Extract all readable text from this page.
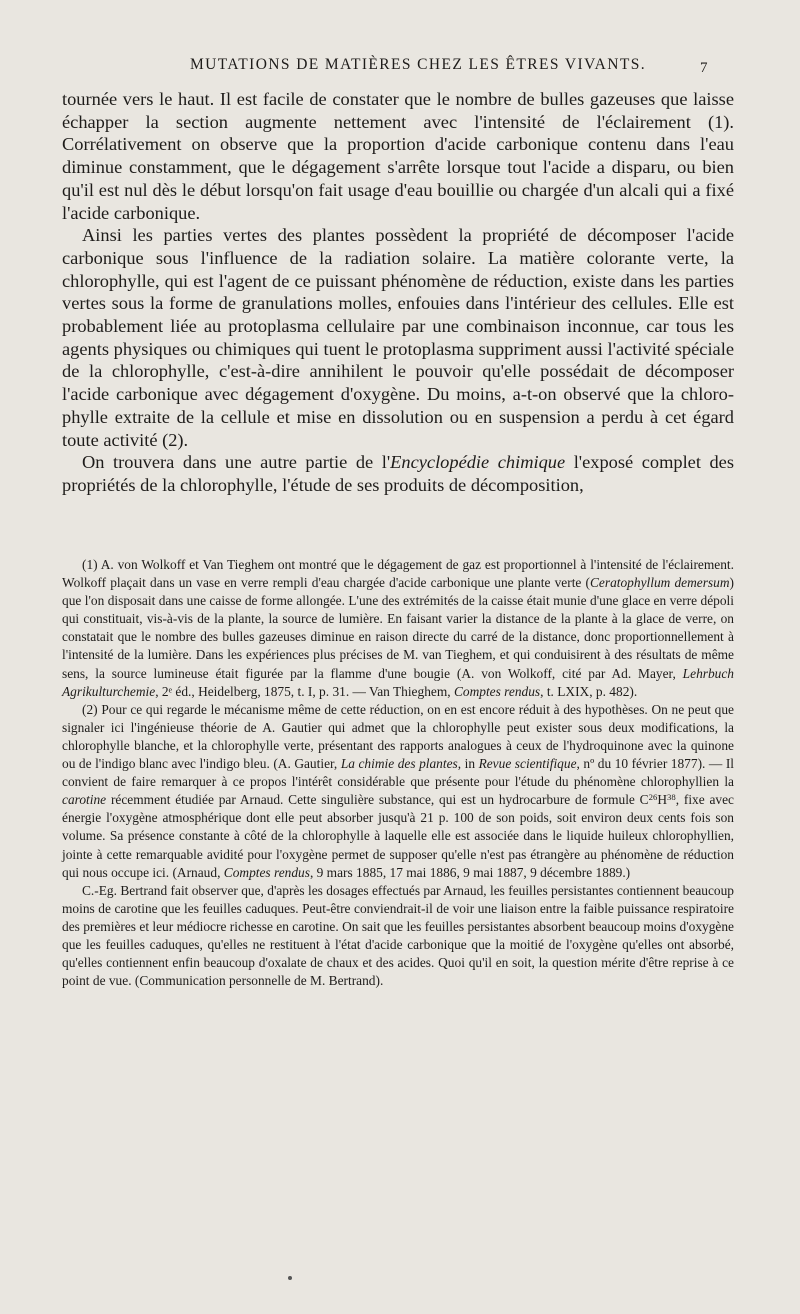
MUTATIONS DE MATIÈRES CHEZ LES ÊTRES VIVANTS.	7

tournée vers le haut. Il est facile de constater que le nombre de bulles gazeuses que laisse échapper la section augmente nettement avec l'intensité de l'éclairement (1). Corrélativement on observe que la proportion d'acide carbonique contenu dans l'eau diminue constamment, que le dégagement s'arrête lorsque tout l'acide a disparu, ou bien qu'il est nul dès le début lorsqu'on fait usage d'eau bouillie ou chargée d'un alcali qui a fixé l'acide carbonique.

Ainsi les parties vertes des plantes possèdent la propriété de décomposer l'acide carbonique sous l'influence de la radiation solaire. La matière colorante verte, la chlorophylle, qui est l'agent de ce puissant phénomène de réduction, existe dans les parties vertes sous la forme de granulations molles, enfouies dans l'intérieur des cellules. Elle est probablement liée au protoplasma cellulaire par une combinaison inconnue, car tous les agents physiques ou chimiques qui tuent le protoplasma suppriment aussi l'activité spéciale de la chlorophylle, c'est-à-dire annihilent le pouvoir qu'elle possédait de décomposer l'acide carbonique avec dégagement d'oxygène. Du moins, a-t-on observé que la chlorophylle extraite de la cellule et mise en dissolution ou en suspension a perdu à cet égard toute activité (2).

On trouvera dans une autre partie de l'Encyclopédie chimique l'exposé complet des propriétés de la chlorophylle, l'étude de ses produits de décomposition,

(1) A. von Wolkoff et Van Tieghem ont montré que le dégagement de gaz est proportionnel à l'intensité de l'éclairement. Wolkoff plaçait dans un vase en verre rempli d'eau chargée d'acide carbonique une plante verte (Ceratophyllum demersum) que l'on disposait dans une caisse de forme allongée. L'une des extrémités de la caisse était munie d'une glace en verre dépoli qui constituait, vis-à-vis de la plante, la source de lumière. En faisant varier la distance de la plante à la glace de verre, on constatait que le nombre des bulles gazeuses diminue en raison directe du carré de la distance, donc proportionnellement à l'intensité de la lumière. Dans les expériences plus précises de M. van Tieghem, et qui conduisirent à des résultats de même sens, la source lumineuse était figurée par la flamme d'une bougie (A. von Wolkoff, cité par Ad. Mayer, Lehrbuch Agrikulturchemie, 2ᵉ éd., Heidelberg, 1875, t. I, p. 31. — Van Thieghem, Comptes rendus, t. LXIX, p. 482).

(2) Pour ce qui regarde le mécanisme même de cette réduction, on en est encore réduit à des hypothèses. On ne peut que signaler ici l'ingénieuse théorie de A. Gautier qui admet que la chlorophylle peut exister sous deux modifications, la chlorophylle blanche, et la chlorophylle verte, présentant des rapports analogues à ceux de l'hydroquinone avec la quinone ou de l'indigo blanc avec l'indigo bleu. (A. Gautier, La chimie des plantes, in Revue scientifique, nº du 10 février 1877). — Il convient de faire remarquer à ce propos l'intérêt considérable que présente pour l'étude du phénomène chlorophyllien la carotine récemment étudiée par Arnaud. Cette singulière substance, qui est un hydrocarbure de formule $C^{26}H^{38}$, fixe avec énergie l'oxygène atmosphérique dont elle peut absorber jusqu'à 21 p. 100 de son poids, soit environ deux cents fois son volume. Sa présence constante à côté de la chlorophylle à laquelle elle est associée dans le liquide huileux chlorophyllien, jointe à cette remarquable avidité pour l'oxygène permet de supposer qu'elle n'est pas étrangère au phénomène de réduction qui nous occupe ici. (Arnaud, Comptes rendus, 9 mars 1885, 17 mai 1886, 9 mai 1887, 9 décembre 1889.)

C.-Eg. Bertrand fait observer que, d'après les dosages effectués par Arnaud, les feuilles persistantes contiennent beaucoup moins de carotine que les feuilles caduques. Peut-être conviendrait-il de voir une liaison entre la faible puissance respiratoire des premières et leur médiocre richesse en carotine. On sait que les feuilles persistantes absorbent beaucoup moins d'oxygène que les feuilles caduques, qu'elles ne restituent à l'état d'acide carbonique que la moitié de l'oxygène qu'elles ont absorbé, qu'elles contiennent enfin beaucoup d'oxalate de chaux et des acides. Quoi qu'il en soit, la question mérite d'être reprise à ce point de vue. (Communication personnelle de M. Bertrand).
